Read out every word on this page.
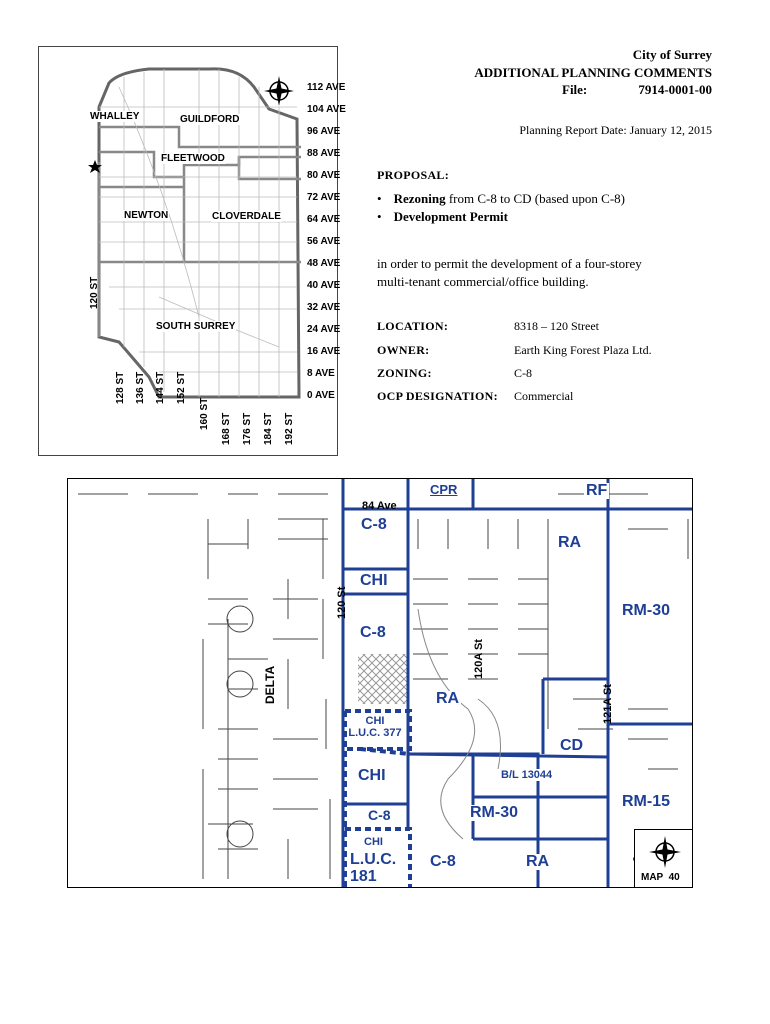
WHALLEY	GUILDFORD
FLEETWOOD
NEWTON	CLOVERDALE
SOUTH SURREY
112 AVE
104 AVE
96 AVE
88 AVE
80 AVE
72 AVE
64 AVE
56 AVE
48 AVE
40 AVE
32 AVE
24 AVE
16 AVE
8 AVE
0 AVE
120 ST
128 ST 136 ST 144 ST 152 ST
160 ST 168 ST 176 ST 184 ST 192 ST
City of Surrey
ADDITIONAL PLANNING COMMENTS
File:	7914-0001-00
Planning Report Date: January 12, 2015
PROPOSAL:
• Rezoning from C-8 to CD (based upon C-8)
• Development Permit
in order to permit the development of a four-storey
multi-tenant commercial/office building.
LOCATION:	8318 – 120 Street
OWNER:	Earth King Forest Plaza Ltd.
ZONING:	C-8
OCP DESIGNATION: Commercial
CPR	RF
84 Ave
C-8
RA
CHI
RM-30
120 St
C-8
120A St
DELTA	121A St
RA
CHI
L.U.C. 377
CD
CHI	B/L 13044
RM-15
C-8	RM-30
CHI
L.U.C.
181
C-8	RA
MAP  40
